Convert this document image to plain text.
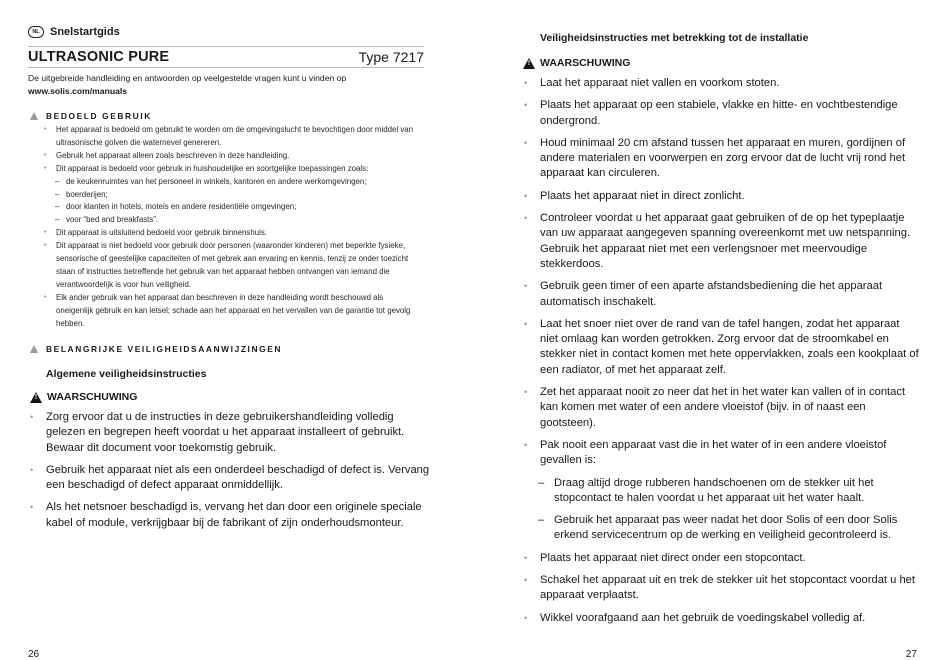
NL Snelstartgids
ULTRASONIC PURE	Type 7217
De uitgebreide handleiding en antwoorden op veelgestelde vragen kunt u vinden op
www.solis.com/manuals
BEDOELD GEBRUIK
• Het apparaat is bedoeld om gebruikt te worden om de omgevingslucht te bevochtigen door middel van ultrasonische golven die waternevel genereren.
• Gebruik het apparaat alleen zoals beschreven in deze handleiding.
• Dit apparaat is bedoeld voor gebruik in huishoudelijke en soortgelijke toepassingen zoals:
– de keukenruimtes van het personeel in winkels, kantoren en andere werkomgevingen;
– boerderijen;
– door klanten in hotels, motels en andere residentiële omgevingen;
– voor “bed and breakfasts”.
• Dit apparaat is uitsluitend bedoeld voor gebruik binnenshuis.
• Dit apparaat is niet bedoeld voor gebruik door personen (waaronder kinderen) met beperkte fysieke, sensorische of geestelijke capaciteiten of met gebrek aan ervaring en kennis, tenzij ze onder toezicht staan of instructies betreffende het gebruik van het apparaat hebben ontvangen van iemand die verantwoordelijk is voor hun veiligheid.
• Elk ander gebruik van het apparaat dan beschreven in deze handleiding wordt beschouwd als oneigenlijk gebruik en kan letsel; schade aan het apparaat en het vervallen van de garantie tot gevolg hebben.
BELANGRIJKE VEILIGHEIDSAANWIJZINGEN
Algemene veiligheidsinstructies
! WAARSCHUWING
• Zorg ervoor dat u de instructies in deze gebruikershandleiding volledig gelezen en begrepen heeft voordat u het apparaat installeert of gebruikt. Bewaar dit document voor toekomstig gebruik.
• Gebruik het apparaat niet als een onderdeel beschadigd of defect is. Vervang een beschadigd of defect apparaat onmiddellijk.
• Als het netsnoer beschadigd is, vervang het dan door een originele speciale kabel of module, verkrijgbaar bij de fabrikant of zijn onderhoudsmonteur.
26
Veiligheidsinstructies met betrekking tot de installatie
! WAARSCHUWING
• Laat het apparaat niet vallen en voorkom stoten.
• Plaats het apparaat op een stabiele, vlakke en hitte- en vochtbestendige ondergrond.
• Houd minimaal 20 cm afstand tussen het apparaat en muren, gordijnen of andere materialen en voorwerpen en zorg ervoor dat de lucht vrij rond het apparaat kan circuleren.
• Plaats het apparaat niet in direct zonlicht.
• Controleer voordat u het apparaat gaat gebruiken of de op het typeplaatje van uw apparaat aangegeven spanning overeenkomt met uw netspanning. Gebruik het apparaat niet met een verlengsnoer met meervoudige stekkerdoos.
• Gebruik geen timer of een aparte afstandsbediening die het apparaat automatisch inschakelt.
• Laat het snoer niet over de rand van de tafel hangen, zodat het apparaat niet omlaag kan worden getrokken. Zorg ervoor dat de stroomkabel en stekker niet in contact komen met hete oppervlakken, zoals een kookplaat of een radiator, of met het apparaat zelf.
• Zet het apparaat nooit zo neer dat het in het water kan vallen of in contact kan komen met water of een andere vloeistof (bijv. in of naast een gootsteen).
• Pak nooit een apparaat vast die in het water of in een andere vloeistof gevallen is:
– Draag altijd droge rubberen handschoenen om de stekker uit het stopcontact te halen voordat u het apparaat uit het water haalt.
– Gebruik het apparaat pas weer nadat het door Solis of een door Solis erkend servicecentrum op de werking en veiligheid gecontroleerd is.
• Plaats het apparaat niet direct onder een stopcontact.
• Schakel het apparaat uit en trek de stekker uit het stopcontact voordat u het apparaat verplaatst.
• Wikkel voorafgaand aan het gebruik de voedingskabel volledig af.
27
